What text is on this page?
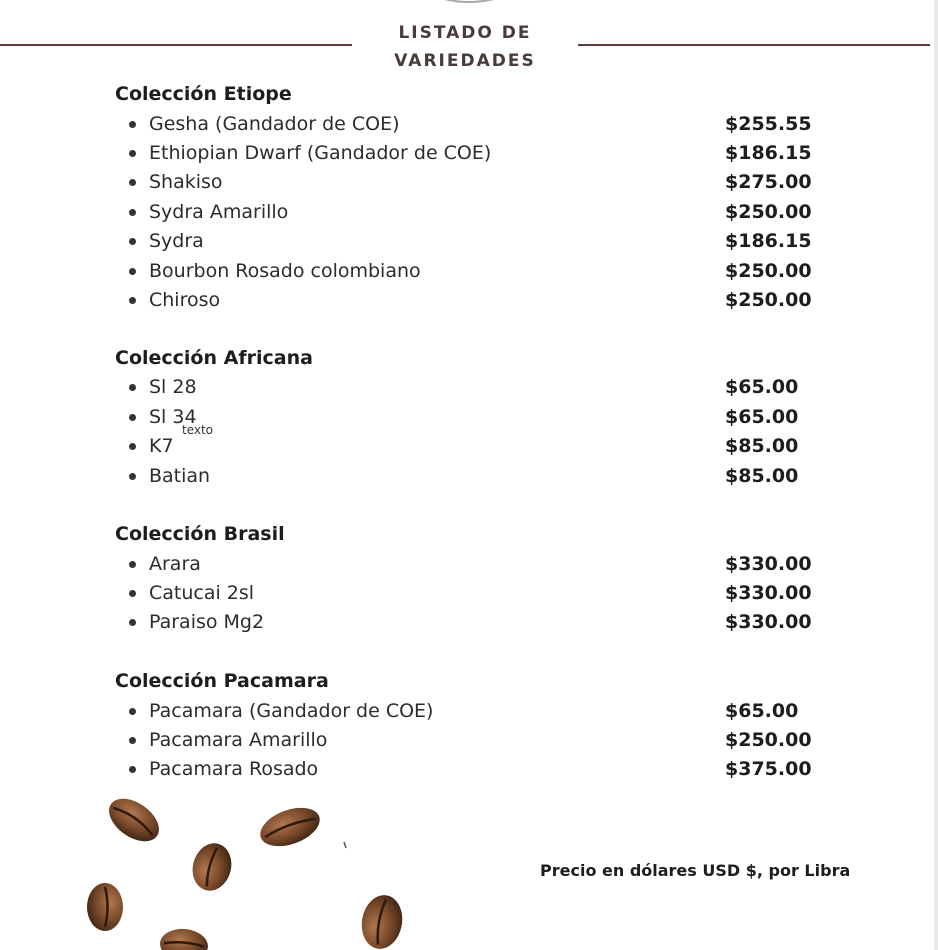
LISTADO DE
VARIEDADES
Colección Etiope
Gesha (Gandador de COE)	$255.55
Ethiopian Dwarf (Gandador de COE)	$186.15
Shakiso	$275.00
Sydra Amarillo	$250.00
Sydra	$186.15
Bourbon Rosado colombiano	$250.00
Chiroso	$250.00
Colección Africana
Sl 28	$65.00
Sl 34	$65.00
K7	$85.00
Batian	$85.00
texto
Colección Brasil
Arara	$330.00
Catucai 2sl	$330.00
Paraiso Mg2	$330.00
Colección Pacamara
Pacamara (Gandador de COE)	$65.00
Pacamara Amarillo	$250.00
Pacamara Rosado	$375.00
Precio en dólares USD $, por Libra
